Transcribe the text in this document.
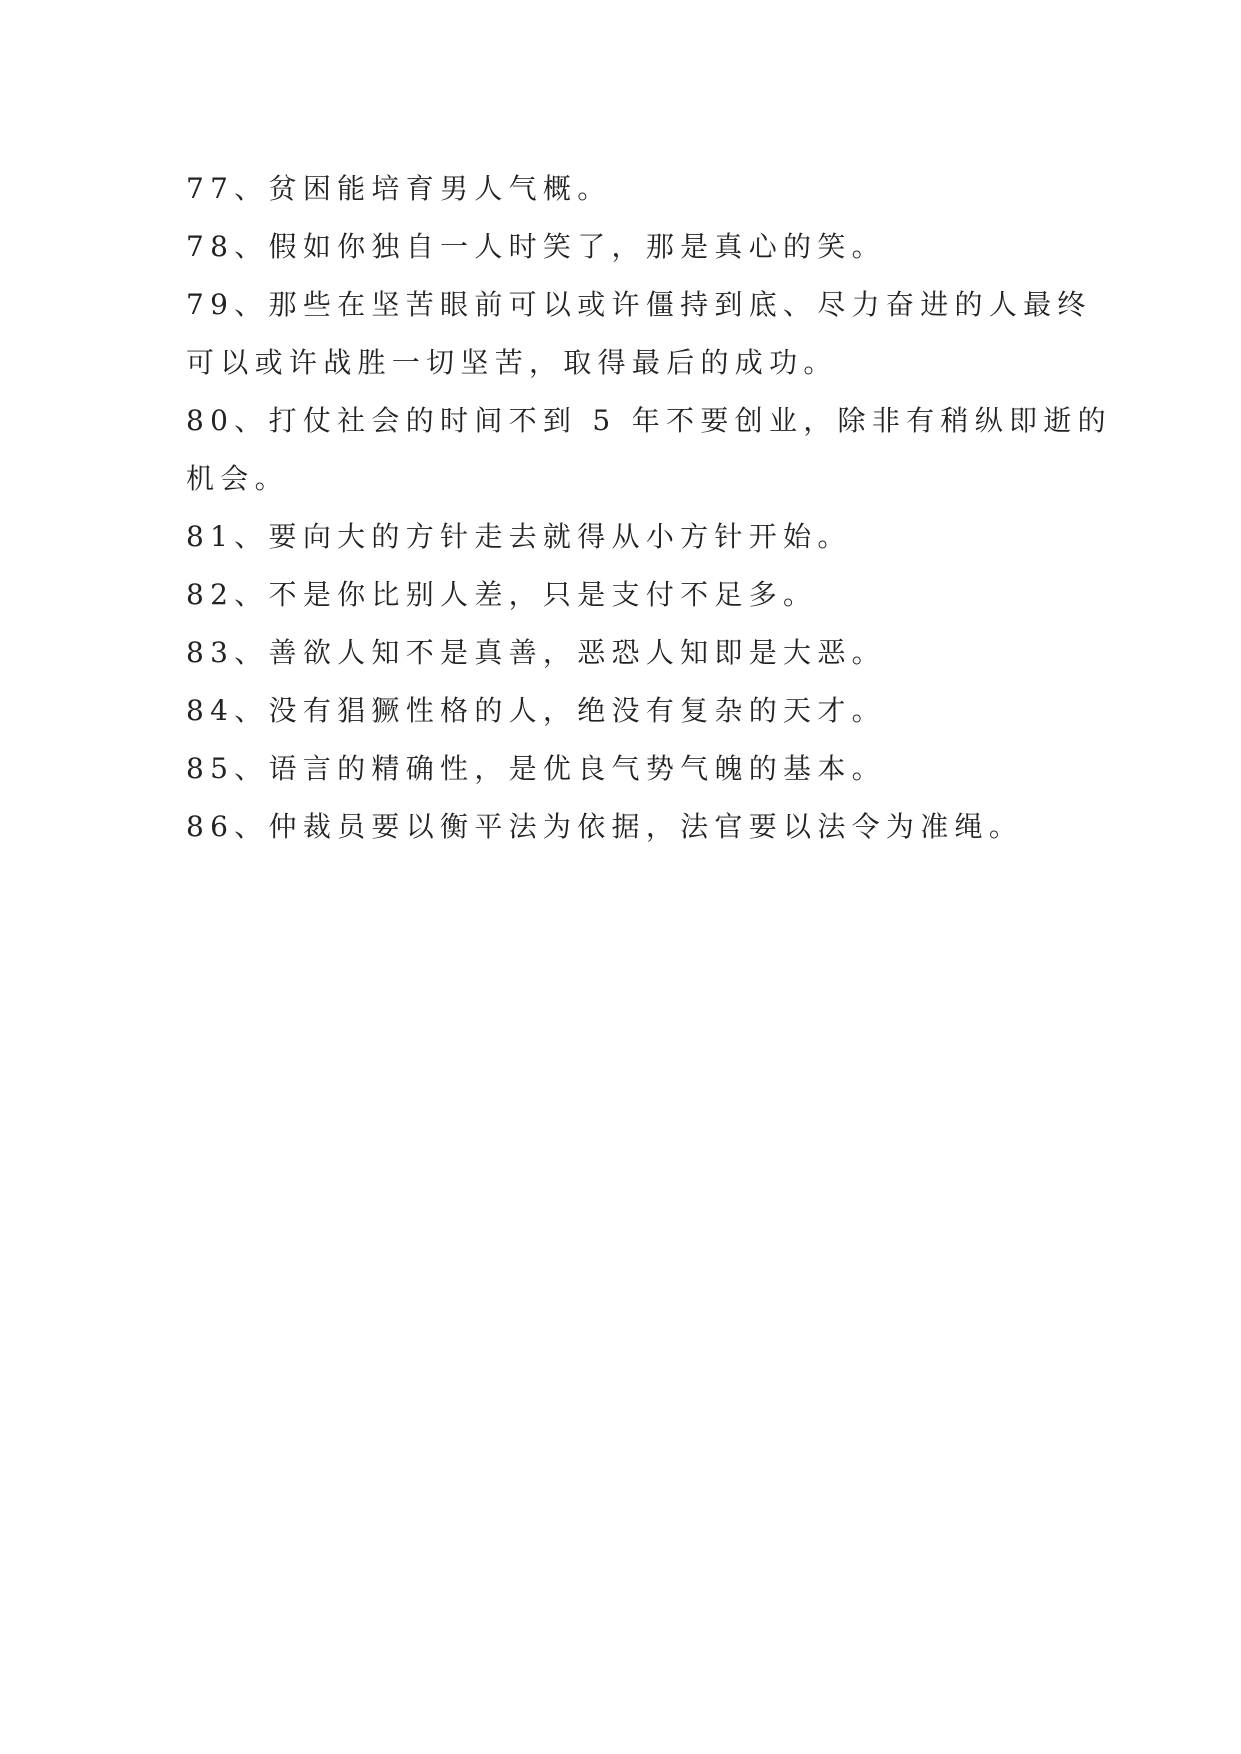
77、贫困能培育男人气概。
78、假如你独自一人时笑了，那是真心的笑。
79、那些在坚苦眼前可以或许僵持到底、尽力奋进的人最终
可以或许战胜一切坚苦，取得最后的成功。
80、打仗社会的时间不到 5 年不要创业，除非有稍纵即逝的
机会。
81、要向大的方针走去就得从小方针开始。
82、不是你比别人差，只是支付不足多。
83、善欲人知不是真善，恶恐人知即是大恶。
84、没有猖獗性格的人，绝没有复杂的天才。
85、语言的精确性，是优良气势气魄的基本。
86、仲裁员要以衡平法为依据，法官要以法令为准绳。
